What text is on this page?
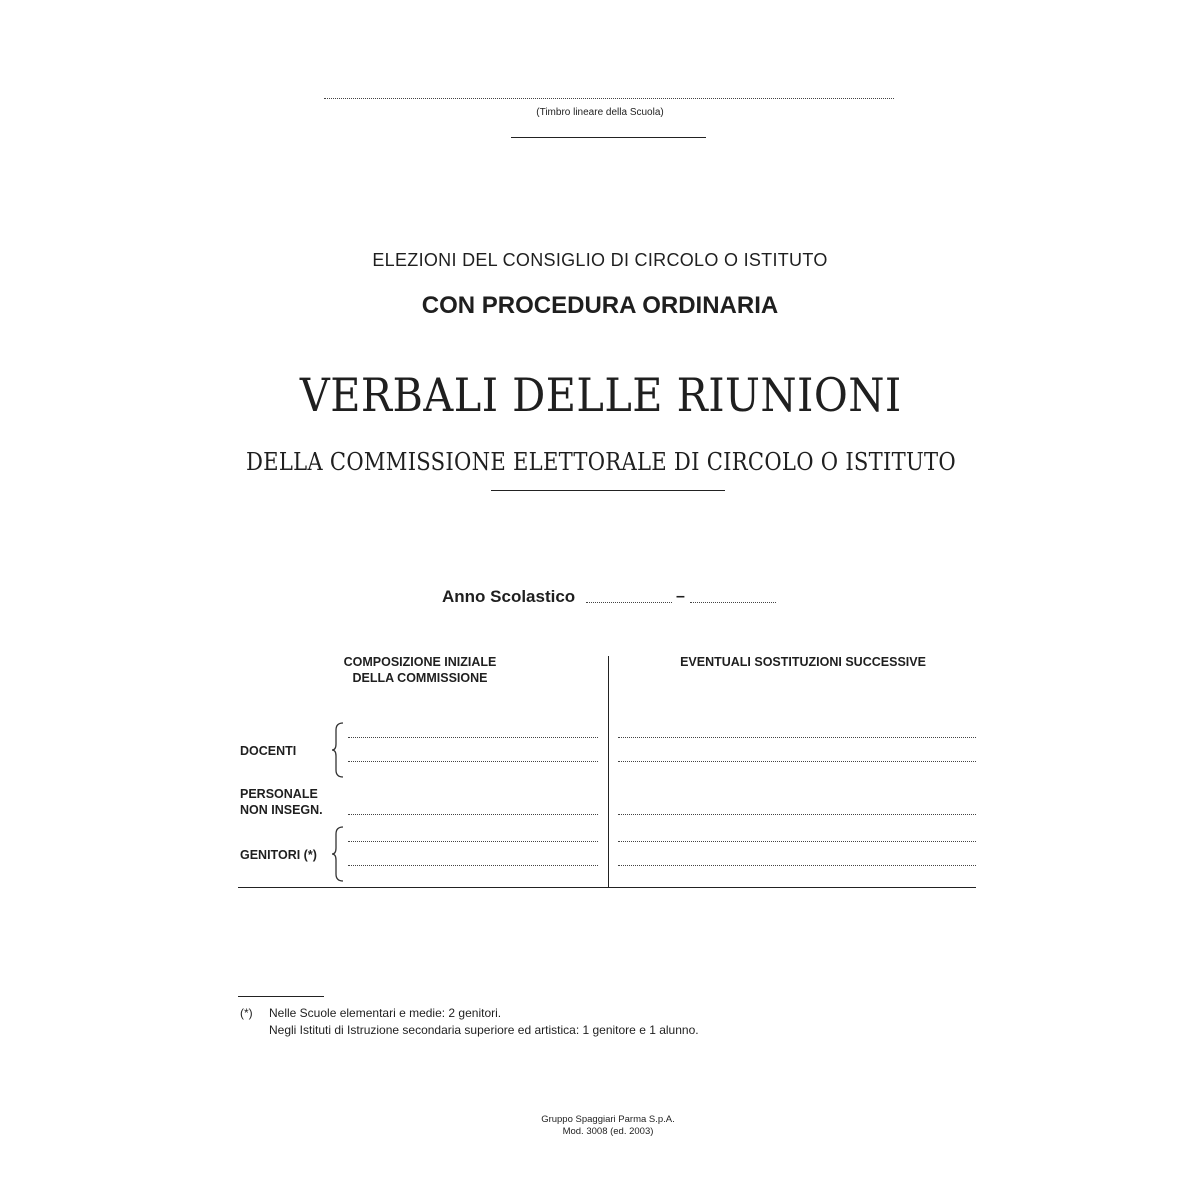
(Timbro lineare della Scuola)
ELEZIONI DEL CONSIGLIO DI CIRCOLO O ISTITUTO
CON PROCEDURA ORDINARIA
VERBALI DELLE RIUNIONI
DELLA COMMISSIONE ELETTORALE DI CIRCOLO O ISTITUTO
Anno Scolastico	–
COMPOSIZIONE INIZIALE
DELLA COMMISSIONE
EVENTUALI SOSTITUZIONI SUCCESSIVE
DOCENTI
PERSONALE
NON INSEGN.
GENITORI (*)
(*) Nelle Scuole elementari e medie: 2 genitori.
Negli Istituti di Istruzione secondaria superiore ed artistica: 1 genitore e 1 alunno.
Gruppo Spaggiari Parma S.p.A.
Mod. 3008 (ed. 2003)
